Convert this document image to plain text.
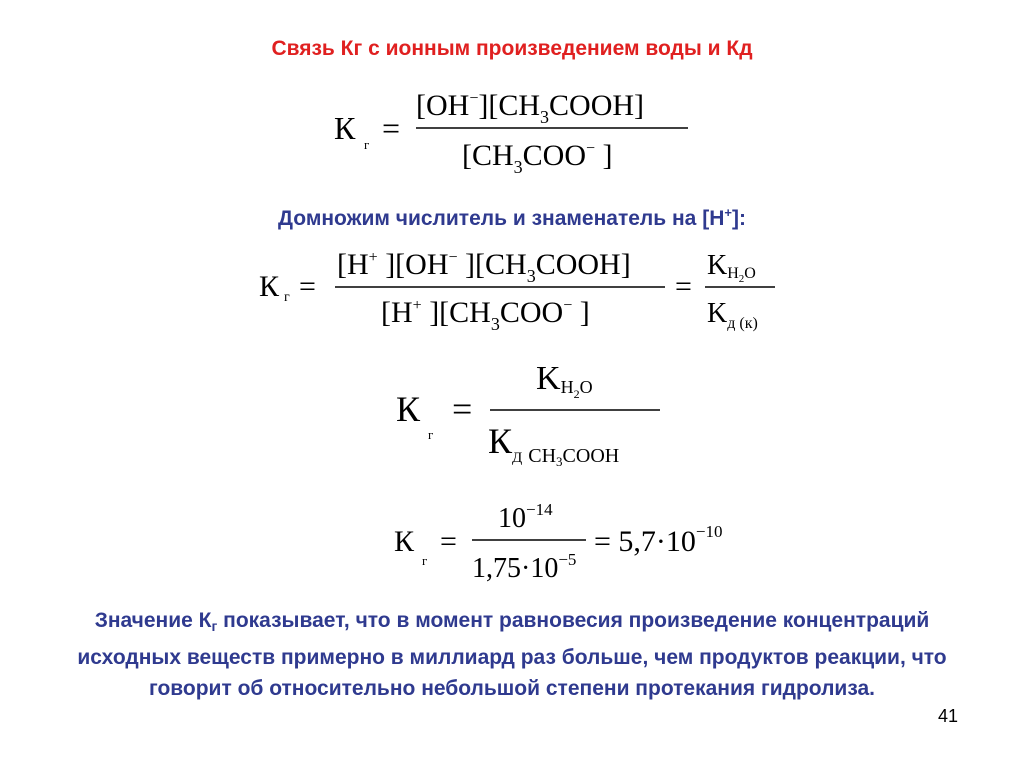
Связь Кг с ионным произведением воды и Кд
К г =
$[OH^-][CH_3COOH]$
[$CH_3COO^-$ ]
Домножим числитель и знаменатель на [H+]:
К г =
[H+ ][OH− ]$[CH_3COOH]$
[H+ ][$CH_3COO^-$ ]
=
KH2O
$K_{д (к)}$
К
г
=
KH2O
$К_Д$ CH3COOH
К
г
=
$10^{-14}$
$1,75\cdot 10^{-5}$
= $5,7\cdot 10^{-10}$
Значение Кг показывает, что в момент равновесия произведение концентраций исходных веществ примерно в миллиард раз больше, чем продуктов реакции, что говорит об относительно небольшой степени протекания гидролиза.
41
